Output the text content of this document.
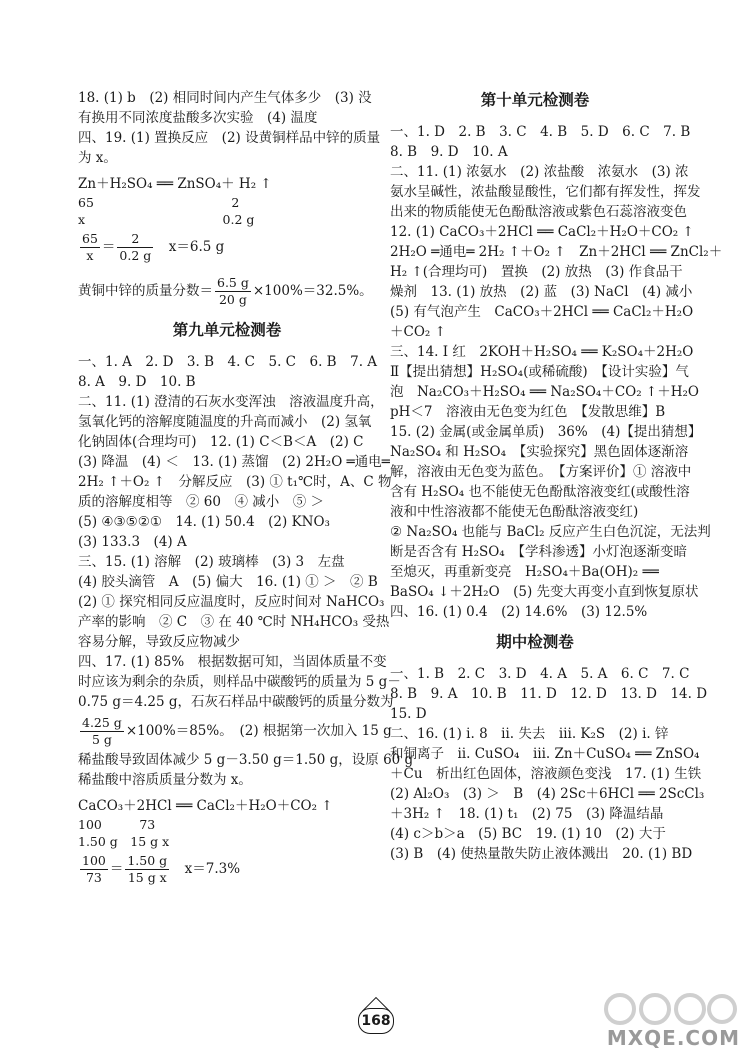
18. (1) b　(2) 相同时间内产生气体多少　(3) 没
有换用不同浓度盐酸多次实验　(4) 温度
四、19. (1) 置换反应　(2) 设黄铜样品中锌的质量
为 x。
Zn＋H₂SO₄ ══ ZnSO₄＋ H₂ ↑
65　　　　　　　　　　　2
x　　　　　　　　　　　0.2 g
$\frac{65}{x} = \frac{2}{0.2 g}$ 　x＝6.5 g
黄铜中锌的质量分数＝ $\frac{6.5 g}{20 g} \times 100\%=32.5\%$。
第九单元检测卷
一、1. A　2. D　3. B　4. C　5. C　6. B　7. A
8. A　9. D　10. B
二、11. (1) 澄清的石灰水变浑浊　溶液温度升高，
氢氧化钙的溶解度随温度的升高而减小　(2) 氢氧
化钠固体(合理均可)　12. (1) C＜B＜A　(2) C
(3) 降温　(4) ＜　13. (1) 蒸馏　(2) 2H₂O ═通电═
2H₂ ↑＋O₂ ↑　分解反应　(3) ① t₁℃时，A、C 物
质的溶解度相等　② 60　④ 减小　⑤ ＞
(5) ④③⑤②①　14. (1) 50.4　(2) KNO₃
(3) 133.3　(4) A
三、15. (1) 溶解　(2) 玻璃棒　(3) 3　左盘
(4) 胶头滴管　A　(5) 偏大　16. (1) ① ＞　② B
(2) ① 探究相同反应温度时，反应时间对 NaHCO₃
产率的影响　② C　③ 在 40 ℃时 NH₄HCO₃ 受热
容易分解，导致反应物减少
四、17. (1) 85%　根据数据可知，当固体质量不变
时应该为剩余的杂质，则样品中碳酸钙的质量为 5 g－
0.75 g＝4.25 g，石灰石样品中碳酸钙的质量分数为
$\frac{4.25 g}{5 g} \times 100\%=85\%$。　(2) 根据第一次加入 15 g
稀盐酸导致固体减少 5 g－3.50 g＝1.50 g，设原 60 g
稀盐酸中溶质质量分数为 x。
CaCO₃＋2HCl ══ CaCl₂＋H₂O＋CO₂ ↑
100　　　73
1.50 g　15 g x
$\frac{100}{73} = \frac{1.50 g}{\text{15 g x}}$ 　x＝7.3%
第十单元检测卷
一、1. D　2. B　3. C　4. B　5. D　6. C　7. B
8. B　9. D　10. A
二、11. (1) 浓氨水　(2) 浓盐酸　浓氨水　(3) 浓
氨水呈碱性，浓盐酸显酸性，它们都有挥发性，挥发
出来的物质能使无色酚酞溶液或紫色石蕊溶液变色
12. (1) CaCO₃＋2HCl ══ CaCl₂＋H₂O＋CO₂ ↑
2H₂O ═通电═ 2H₂ ↑＋O₂ ↑　Zn＋2HCl ══ ZnCl₂＋
H₂ ↑(合理均可)　置换　(2) 放热　(3) 作食品干
燥剂　13. (1) 放热　(2) 蓝　(3) NaCl　(4) 减小
(5) 有气泡产生　CaCO₃＋2HCl ══ CaCl₂＋H₂O
＋CO₂ ↑
三、14. Ⅰ 红　2KOH＋H₂SO₄ ══ K₂SO₄＋2H₂O
Ⅱ【提出猜想】H₂SO₄(或稀硫酸)　【设计实验】气
泡　Na₂CO₃＋H₂SO₄ ══ Na₂SO₄＋CO₂ ↑＋H₂O
pH＜7　溶液由无色变为红色　【发散思维】B
15. (2) 金属(或金属单质)　36%　(4)【提出猜想】
Na₂SO₄ 和 H₂SO₄　【实验探究】黑色固体逐渐溶
解，溶液由无色变为蓝色。　【方案评价】① 溶液中
含有 H₂SO₄ 也不能使无色酚酞溶液变红(或酸性溶
液和中性溶液都不能使无色酚酞溶液变红)
② Na₂SO₄ 也能与 BaCl₂ 反应产生白色沉淀，无法判
断是否含有 H₂SO₄　【学科渗透】小灯泡逐渐变暗
至熄灭，再重新变亮　H₂SO₄＋Ba(OH)₂ ══
BaSO₄ ↓＋2H₂O　(5) 先变大再变小直到恢复原状
四、16. (1) 0.4　(2) 14.6%　(3) 12.5%
期中检测卷
一、1. B　2. C　3. D　4. A　5. A　6. C　7. C
8. B　9. A　10. B　11. D　12. D　13. D　14. D
15. D
二、16. (1) ⅰ. 8　ⅱ. 失去　ⅲ. K₂S　(2) ⅰ. 锌
和铜离子　ⅱ. CuSO₄　ⅲ. Zn＋CuSO₄ ══ ZnSO₄
＋Cu　析出红色固体，溶液颜色变浅　17. (1) 生铁
(2) Al₂O₃　(3) ＞　B　(4) 2Sc＋6HCl ══ 2ScCl₃
＋3H₂ ↑　18. (1) t₁　(2) 75　(3) 降温结晶
(4) c＞b＞a　(5) BC　19. (1) 10　(2) 大于
(3) B　(4) 使热量散失防止液体溅出　20. (1) BD
168
MXQE.COM
